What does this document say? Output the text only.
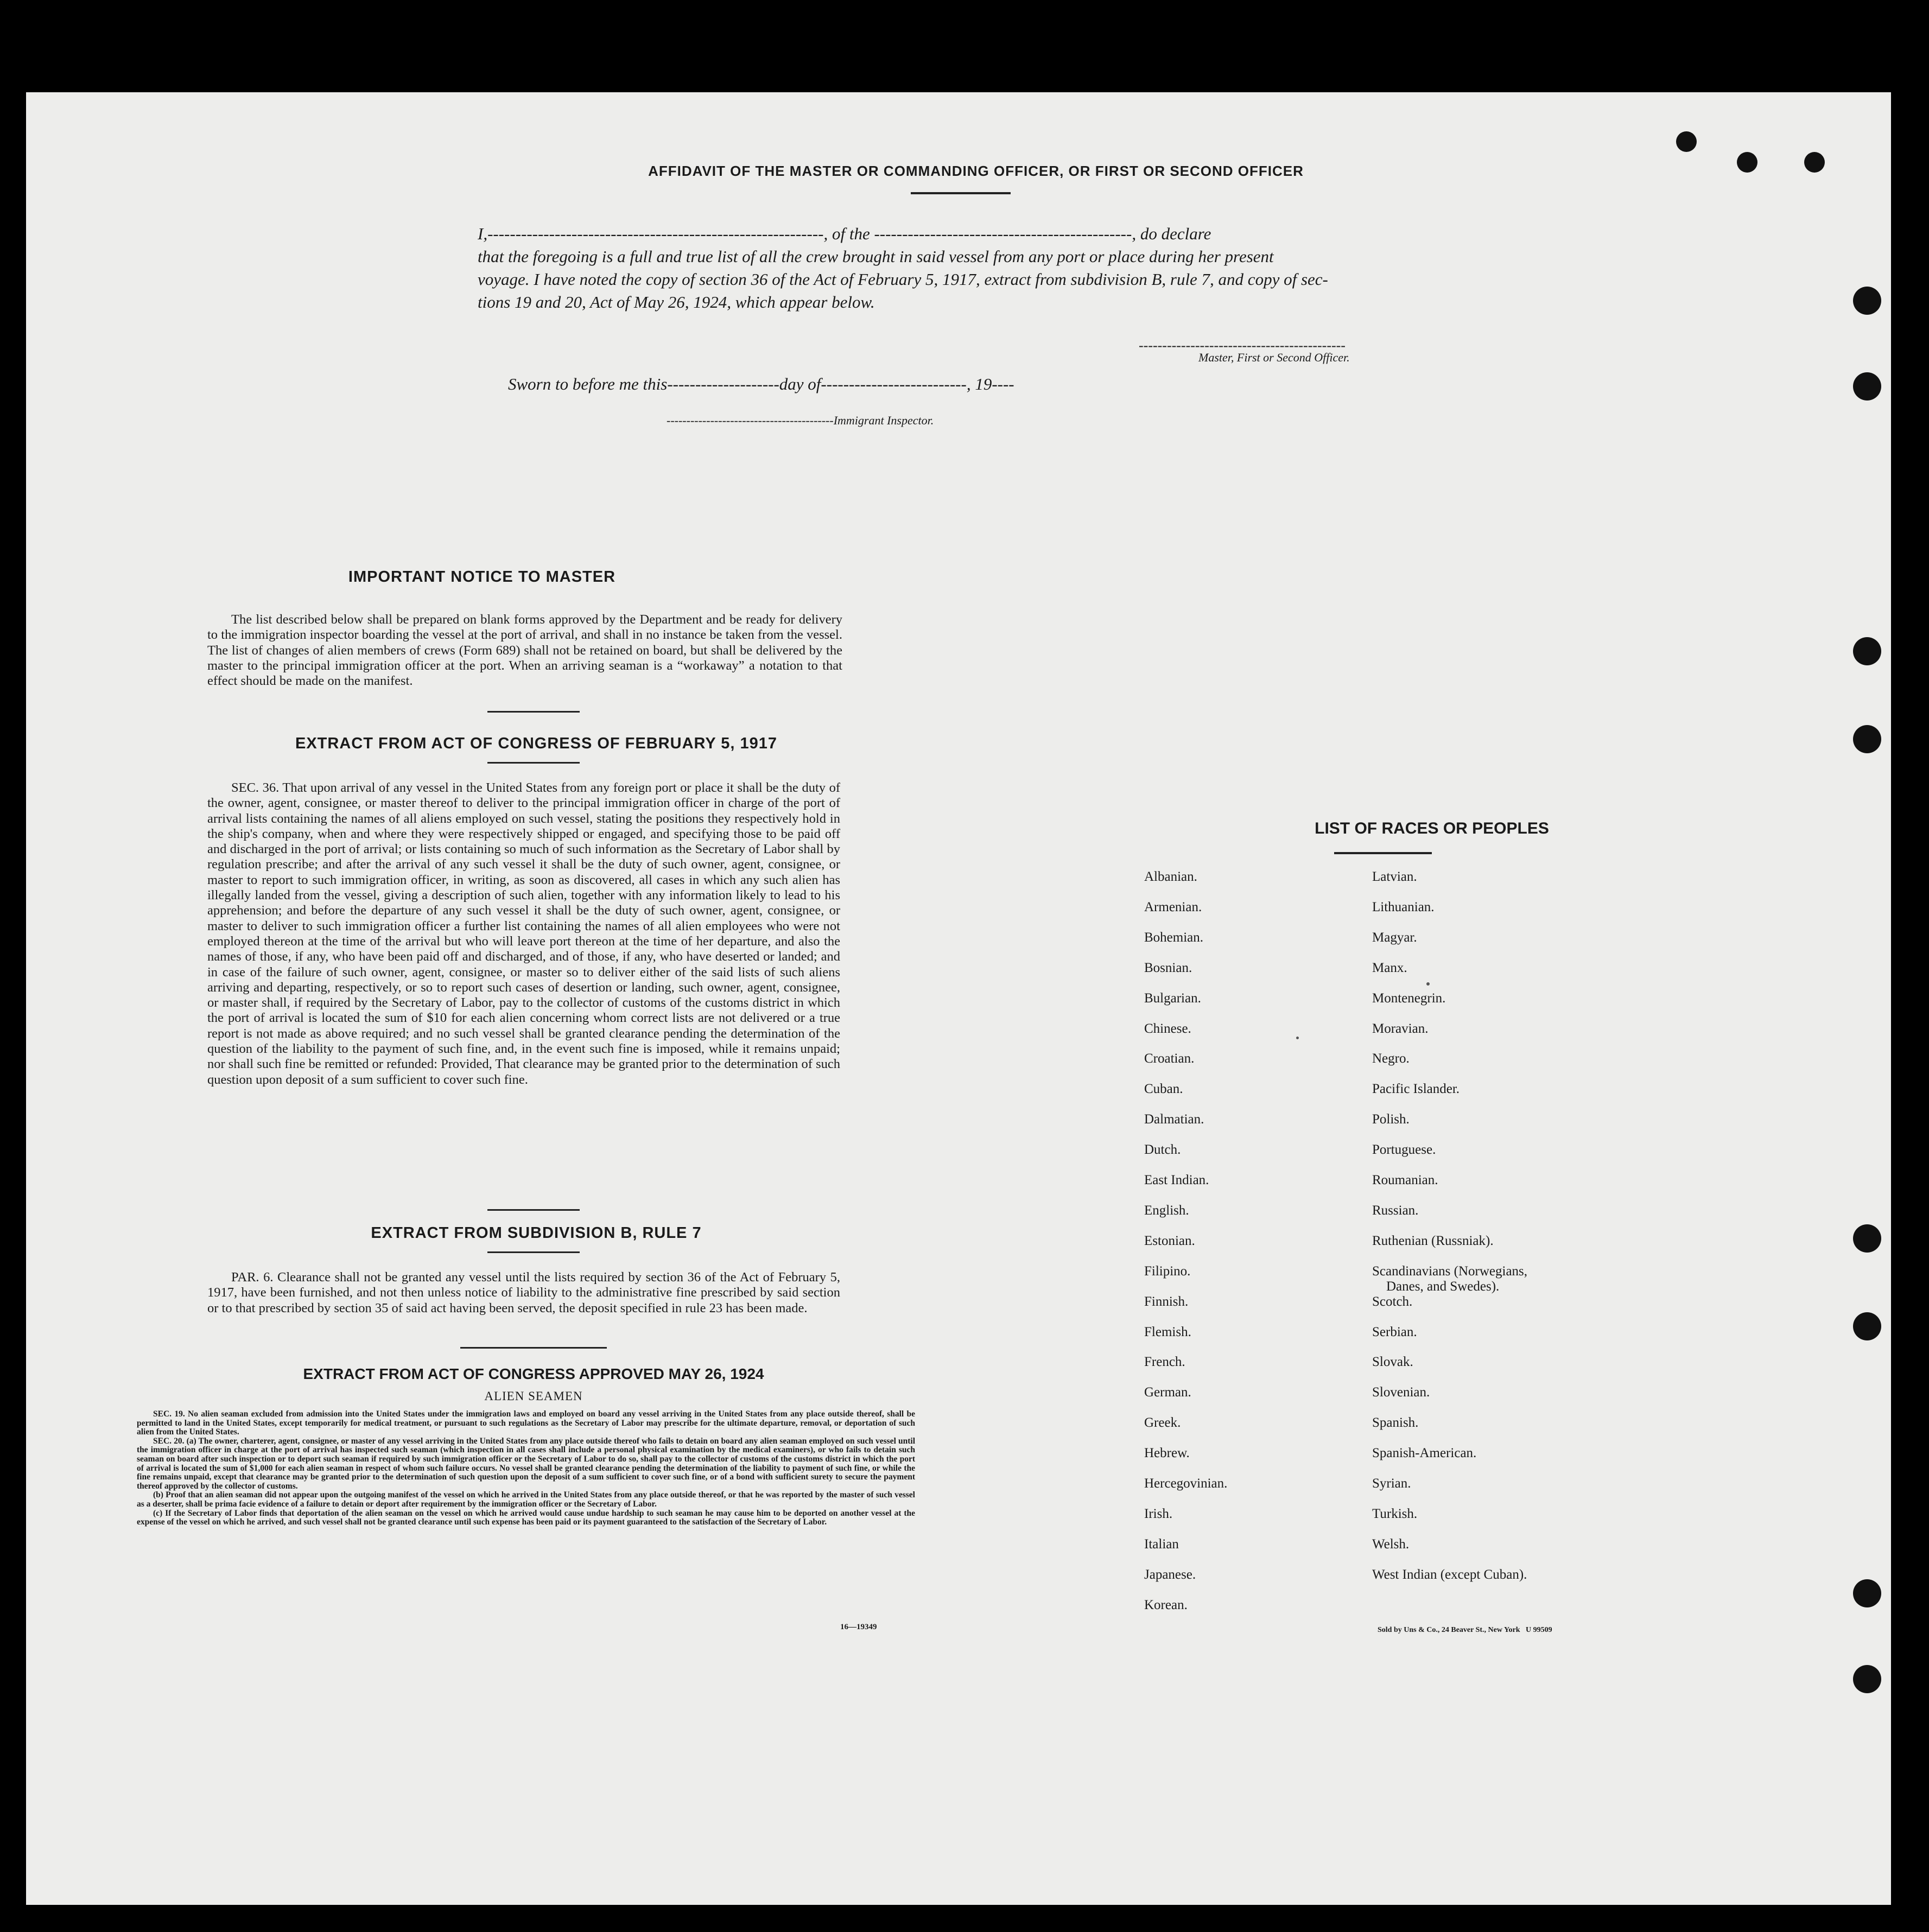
AFFIDAVIT OF THE MASTER OR COMMANDING OFFICER, OR FIRST OR SECOND OFFICER
I,------------------------------------------------------------, of the ----------------------------------------------, do declare
that the foregoing is a full and true list of all the crew brought in said vessel from any port or place during her present
voyage. I have noted the copy of section 36 of the Act of February 5, 1917, extract from subdivision B, rule 7, and copy of sec-
tions 19 and 20, Act of May 26, 1924, which appear below.
--------------------------------------------
Master, First or Second Officer.
Sworn to before me this--------------------day of--------------------------, 19----
------------------------------------------Immigrant Inspector.
IMPORTANT NOTICE TO MASTER
The list described below shall be prepared on blank forms approved by the Department and be ready for delivery to the immigration inspector boarding the vessel at the port of arrival, and shall in no instance be taken from the vessel. The list of changes of alien members of crews (Form 689) shall not be retained on board, but shall be delivered by the master to the principal immigration officer at the port. When an arriving seaman is a “workaway” a notation to that effect should be made on the manifest.
EXTRACT FROM ACT OF CONGRESS OF FEBRUARY 5, 1917
SEC. 36. That upon arrival of any vessel in the United States from any foreign port or place it shall be the duty of the owner, agent, consignee, or master thereof to deliver to the principal immigration officer in charge of the port of arrival lists containing the names of all aliens employed on such vessel, stating the positions they respectively hold in the ship's company, when and where they were respectively shipped or engaged, and specifying those to be paid off and discharged in the port of arrival; or lists containing so much of such information as the Secretary of Labor shall by regulation prescribe; and after the arrival of any such vessel it shall be the duty of such owner, agent, consignee, or master to report to such immigration officer, in writing, as soon as discovered, all cases in which any such alien has illegally landed from the vessel, giving a description of such alien, together with any information likely to lead to his apprehension; and before the departure of any such vessel it shall be the duty of such owner, agent, consignee, or master to deliver to such immigration officer a further list containing the names of all alien employees who were not employed thereon at the time of the arrival but who will leave port thereon at the time of her departure, and also the names of those, if any, who have been paid off and discharged, and of those, if any, who have deserted or landed; and in case of the failure of such owner, agent, consignee, or master so to deliver either of the said lists of such aliens arriving and departing, respectively, or so to report such cases of desertion or landing, such owner, agent, consignee, or master shall, if required by the Secretary of Labor, pay to the collector of customs of the customs district in which the port of arrival is located the sum of $10 for each alien concerning whom correct lists are not delivered or a true report is not made as above required; and no such vessel shall be granted clearance pending the determination of the question of the liability to the payment of such fine, and, in the event such fine is imposed, while it remains unpaid; nor shall such fine be remitted or refunded: Provided, That clearance may be granted prior to the determination of such question upon deposit of a sum sufficient to cover such fine.
EXTRACT FROM SUBDIVISION B, RULE 7
PAR. 6. Clearance shall not be granted any vessel until the lists required by section 36 of the Act of February 5, 1917, have been furnished, and not then unless notice of liability to the administrative fine prescribed by said section or to that prescribed by section 35 of said act having been served, the deposit specified in rule 23 has been made.
EXTRACT FROM ACT OF CONGRESS APPROVED MAY 26, 1924
ALIEN SEAMEN
SEC. 19. No alien seaman excluded from admission into the United States under the immigration laws and employed on board any vessel arriving in the United States from any place outside thereof, shall be permitted to land in the United States, except temporarily for medical treatment, or pursuant to such regulations as the Secretary of Labor may prescribe for the ultimate departure, removal, or deportation of such alien from the United States.
SEC. 20. (a) The owner, charterer, agent, consignee, or master of any vessel arriving in the United States from any place outside thereof who fails to detain on board any alien seaman employed on such vessel until the immigration officer in charge at the port of arrival has inspected such seaman (which inspection in all cases shall include a personal physical examination by the medical examiners), or who fails to detain such seaman on board after such inspection or to deport such seaman if required by such immigration officer or the Secretary of Labor to do so, shall pay to the collector of customs of the customs district in which the port of arrival is located the sum of $1,000 for each alien seaman in respect of whom such failure occurs. No vessel shall be granted clearance pending the determination of the liability to payment of such fine, or while the fine remains unpaid, except that clearance may be granted prior to the determination of such question upon the deposit of a sum sufficient to cover such fine, or of a bond with sufficient surety to secure the payment thereof approved by the collector of customs.
(b) Proof that an alien seaman did not appear upon the outgoing manifest of the vessel on which he arrived in the United States from any place outside thereof, or that he was reported by the master of such vessel as a deserter, shall be prima facie evidence of a failure to detain or deport after requirement by the immigration officer or the Secretary of Labor.
(c) If the Secretary of Labor finds that deportation of the alien seaman on the vessel on which he arrived would cause undue hardship to such seaman he may cause him to be deported on another vessel at the expense of the vessel on which he arrived, and such vessel shall not be granted clearance until such expense has been paid or its payment guaranteed to the satisfaction of the Secretary of Labor.
16—19349
LIST OF RACES OR PEOPLES
Sold by Uns & Co., 24 Beaver St., New York   U 99509
Albanian.
Armenian.
Bohemian.
Bosnian.
Bulgarian.
Chinese.
Croatian.
Cuban.
Dalmatian.
Dutch.
East Indian.
English.
Estonian.
Filipino.
Finnish.
Flemish.
French.
German.
Greek.
Hebrew.
Hercegovinian.
Irish.
Italian
Japanese.
Korean.
Latvian.
Lithuanian.
Magyar.
Manx.
Montenegrin.
Moravian.
Negro.
Pacific Islander.
Polish.
Portuguese.
Roumanian.
Russian.
Ruthenian (Russniak).
Scandinavians (Norwegians,
Danes, and Swedes).
Scotch.
Serbian.
Slovak.
Slovenian.
Spanish.
Spanish-American.
Syrian.
Turkish.
Welsh.
West Indian (except Cuban).
